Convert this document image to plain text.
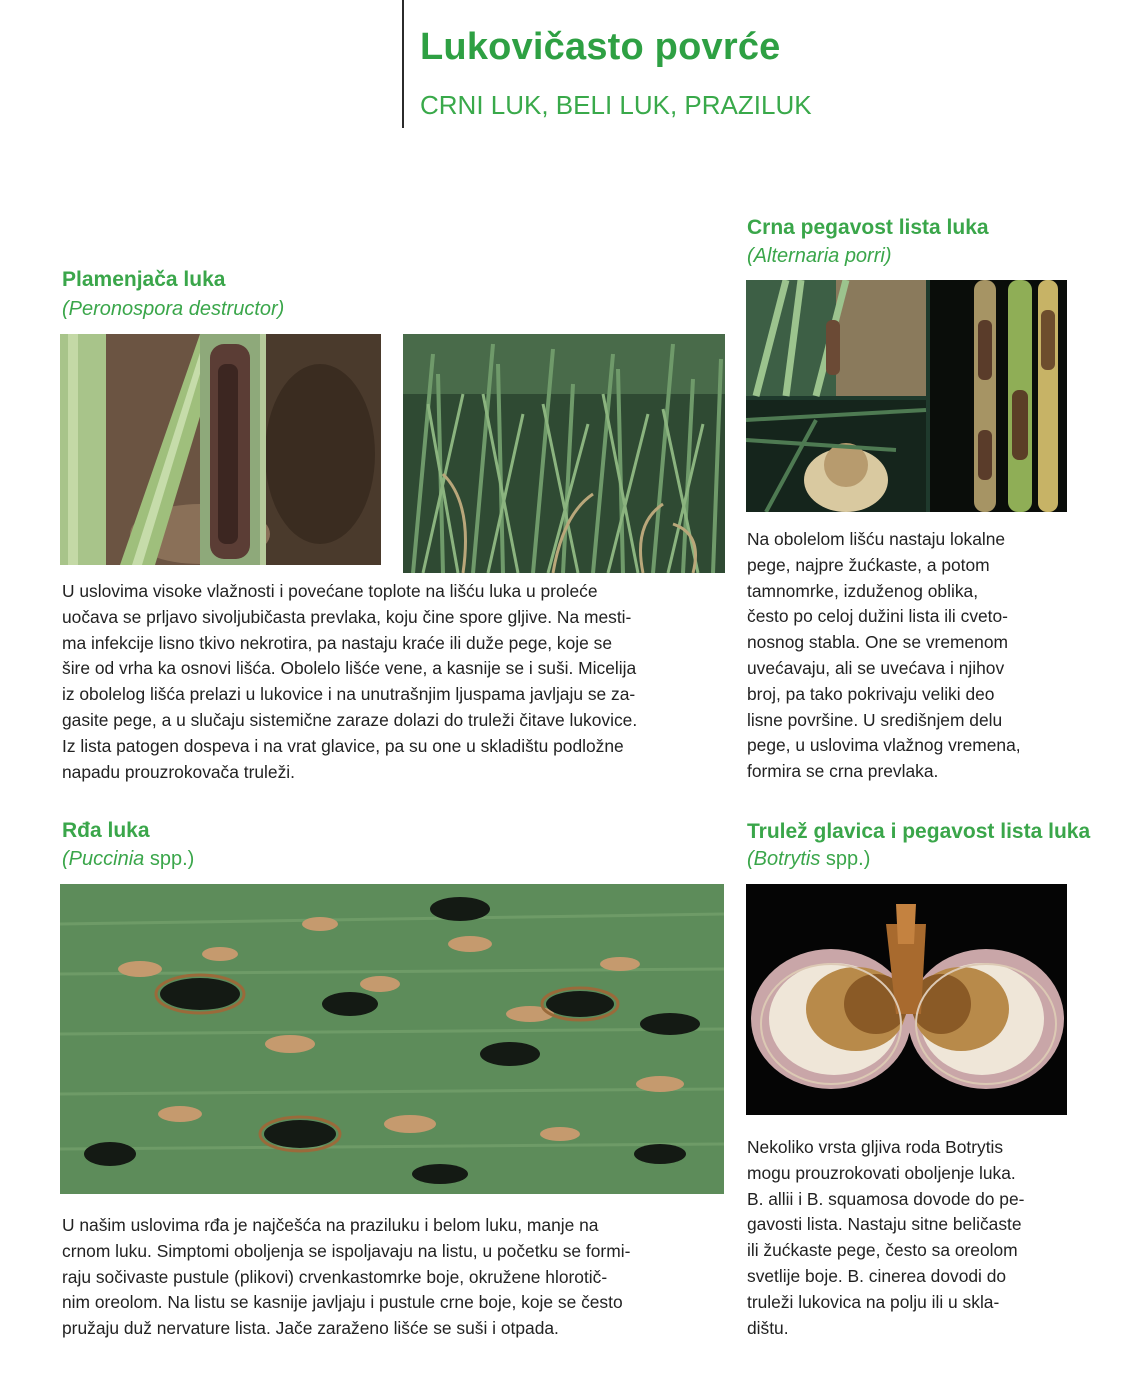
Lukovičasto povrće
CRNI LUK, BELI LUK, PRAZILUK
Plamenjača luka

(Peronospora destructor)

U uslovima visoke vlažnosti i povećane toplote na lišću luka u proleće
uočava se prljavo sivoljubičasta prevlaka, koju čine spore gljive. Na mesti-
ma infekcije lisno tkivo nekrotira, pa nastaju kraće ili duže pege, koje se
šire od vrha ka osnovi lišća. Obolelo lišće vene, a kasnije se i suši. Micelija
iz obolelog lišća prelazi u lukovice i na unutrašnjim ljuspama javljaju se za-
gasite pege, a u slučaju sistemične zaraze dolazi do truleži čitave lukovice.
Iz lista patogen dospeva i na vrat glavice, pa su one u skladištu podložne
napadu prouzrokovača truleži.

Crna pegavost lista luka

(Alternaria porri)

Na obolelom lišću nastaju lokalne
pege, najpre žućkaste, a potom
tamnomrke, izduženog oblika,
često po celoj dužini lista ili cveto-
nosnog stabla. One se vremenom
uvećavaju, ali se uvećava i njihov
broj, pa tako pokrivaju veliki deo
lisne površine. U središnjem delu
pege, u uslovima vlažnog vremena,
formira se crna prevlaka.

Rđa luka

(Puccinia spp.)

U našim uslovima rđa je najčešća na praziluku i belom luku, manje na
crnom luku. Simptomi oboljenja se ispoljavaju na listu, u početku se formi-
raju sočivaste pustule (plikovi) crvenkastomrke boje, okružene hlorotič-
nim oreolom. Na listu se kasnije javljaju i pustule crne boje, koje se često
pružaju duž nervature lista. Jače zaraženo lišće se suši i otpada.

Trulež glavica i pegavost lista luka

(Botrytis spp.)

Nekoliko vrsta gljiva roda Botrytis
mogu prouzrokovati oboljenje luka.
B. allii i B. squamosa dovode do pe-
gavosti lista. Nastaju sitne beličaste
ili žućkaste pege, često sa oreolom
svetlije boje. B. cinerea dovodi do
truleži lukovica na polju ili u skla-
dištu.
